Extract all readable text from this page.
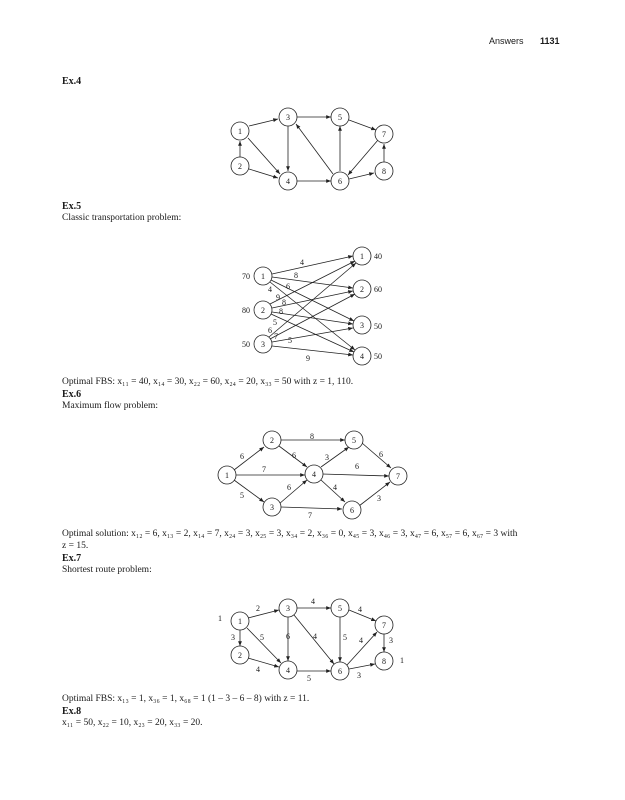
Answers 1131
Ex.4
1
2
3
4
5
6
7
8
Ex.5
Classic transportation problem:
4
8
6
4
9
8
8
5
6
7 5
9
70
80
50
40
60
50
50
1
2
3
1
2
3
4
Optimal FBS: x₁₁ = 40, x₁₄ = 30, x₂₂ = 60, x₂₄ = 20, x₃₃ = 50 with z = 1, 110.
Ex.6
Maximum flow problem:
6
7
5
8
6
6
3
7
3
6
4
6
1
2
3
4
5
6
7
Optimal solution: x₁₂ = 6, x₁₃ = 2, x₁₄ = 7, x₂₄ = 3, x₂₅ = 3, x₃₄ = 2, x₃₆ = 0, x₄₅ = 3, x₄₆ = 3, x₄₇ = 6, x₅₇ = 6, x₆₇ = 3 with
z = 15.
Ex.7
Shortest route problem:
2
3	5
4
4
6	4
4
5 4	3
3
5
1
1
1
2
3
4
5
6
7
8
Optimal FBS: x₁₃ = 1, x₃₆ = 1, x₆₈ = 1 (1 – 3 – 6 – 8) with z = 11.
Ex.8
x₁₁ = 50, x₂₂ = 10, x₂₃ = 20, x₃₃ = 20.
